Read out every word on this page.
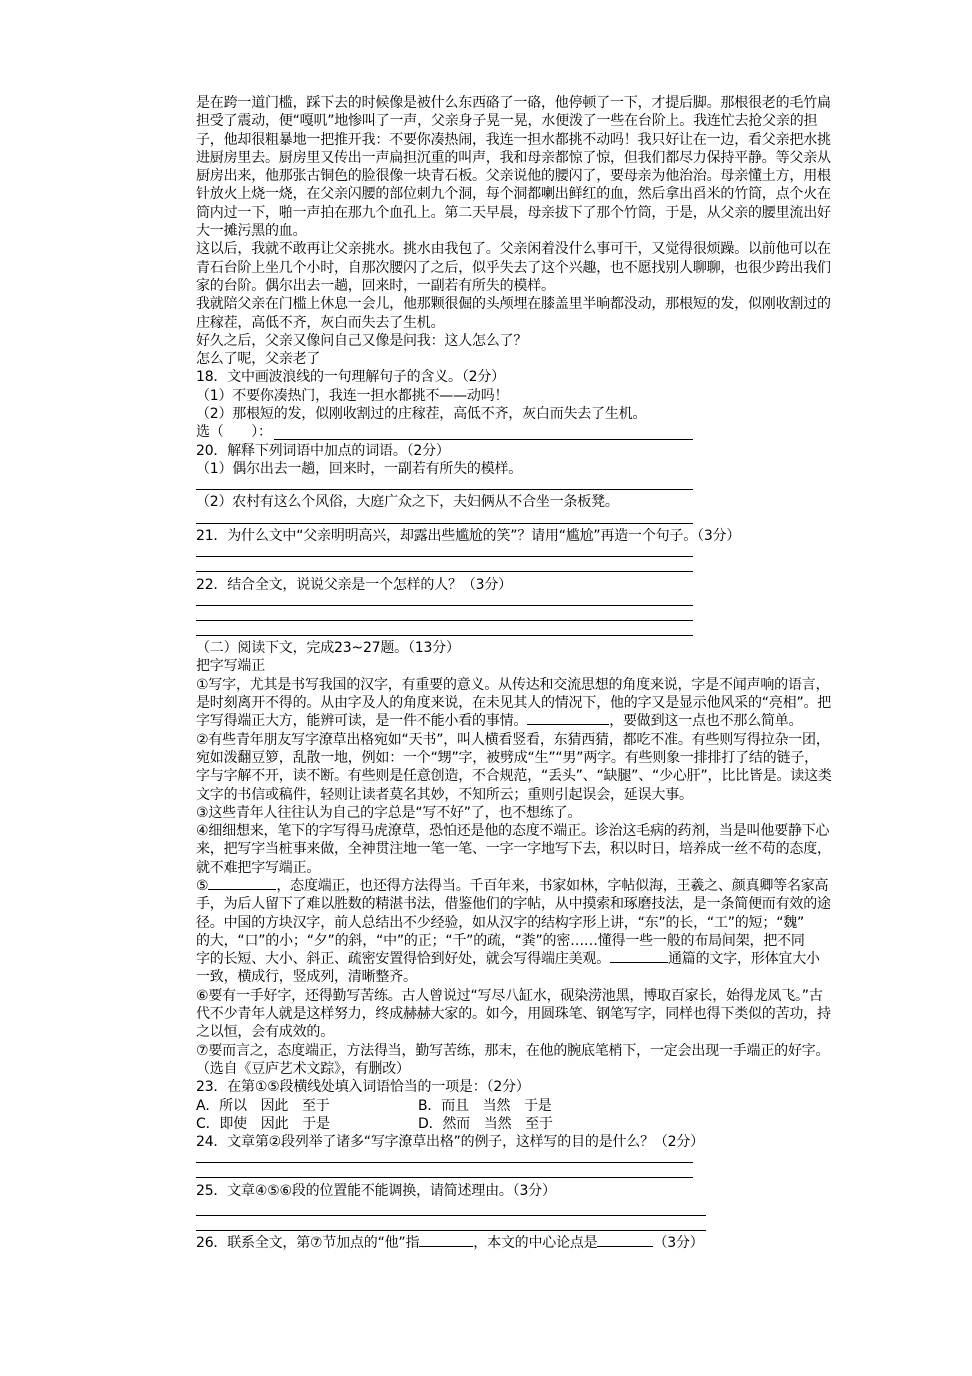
是在跨一道门槛，踩下去的时候像是被什么东西硌了一硌，他停顿了一下，才提后脚。那根很老的毛竹扁
担受了震动，便“嘎叽”地惨叫了一声，父亲身子晃一晃，水便泼了一些在台阶上。我连忙去抢父亲的担
子，他却很粗暴地一把推开我：不要你凑热闹，我连一担水都挑不动吗！我只好让在一边，看父亲把水挑
进厨房里去。厨房里又传出一声扁担沉重的叫声，我和母亲都惊了惊，但我们都尽力保持平静。等父亲从
厨房出来，他那张古铜色的脸很像一块青石板。父亲说他的腰闪了，要母亲为他治治。母亲懂土方，用根
针放火上烧一烧，在父亲闪腰的部位刺九个洞，每个洞都喇出鲜红的血，然后拿出舀米的竹筒，点个火在
筒内过一下，啪一声拍在那九个血孔上。第二天早晨，母亲拔下了那个竹筒，于是，从父亲的腰里流出好
大一摊污黑的血。
这以后，我就不敢再让父亲挑水。挑水由我包了。父亲闲着没什么事可干，又觉得很烦躁。以前他可以在
青石台阶上坐几个小时，自那次腰闪了之后，似乎失去了这个兴趣，也不愿找别人聊聊，也很少跨出我们
家的台阶。偶尔出去一趟，回来时，一副若有所失的模样。
我就陪父亲在门槛上休息一会儿，他那颗很倔的头颅埋在膝盖里半晌都没动，那根短的发，似刚收割过的
庄稼茬，高低不齐，灰白而失去了生机。
好久之后，父亲又像问自己又像是问我：这人怎么了？
怎么了呢，父亲老了
18．文中画波浪线的一句理解句子的含义。（2分）
（1）不要你凑热门，我连一担水都挑不——动吗！
（2）那根短的发，似刚收割过的庄稼茬，高低不齐，灰白而失去了生机。
选（　　）：
20．解释下列词语中加点的词语。（2分）
（1）偶尔出去一趟，回来时，一副若有所失的模样。
（2）农村有这么个风俗，大庭广众之下，夫妇俩从不合坐一条板凳。
21．为什么文中“父亲明明高兴，却露出些尴尬的笑”？请用“尴尬”再造一个句子。（3分）
22．结合全文，说说父亲是一个怎样的人？（3分）
（二）阅读下文，完成23~27题。（13分）
把字写端正
①写字，尤其是书写我国的汉字，有重要的意义。从传达和交流思想的角度来说，字是不闻声响的语言，
是时刻离开不得的。从由字及人的角度来说，在未见其人的情况下，他的字又是显示他风采的“亮相”。把
字写得端正大方，能辨可读，是一件不能小看的事情。	，要做到这一点也不那么简单。
②有些青年朋友写字潦草出格宛如“天书”，叫人横看竖看，东猜西猜，都吃不准。有些则写得拉杂一团，
宛如泼翻豆箩，乱散一地，例如：一个“甥”字，被劈成“生”“男”两字。有些则象一排排打了结的链子，
字与字解不开，读不断。有些则是任意创造，不合规范，“丢头”、“缺腿”、“少心肝”，比比皆是。读这类
文字的书信或稿件，轻则让读者莫名其妙，不知所云；重则引起误会，延误大事。
③这些青年人往往认为自己的字总是“写不好”了，也不想练了。
④细细想来，笔下的字写得马虎潦草，恐怕还是他的态度不端正。诊治这毛病的药剂，当是叫他要静下心
来，把写字当桩事来做，全神贯注地一笔一笔、一字一字地写下去，积以时日，培养成一丝不苟的态度，
就不难把字写端正。
⑤	，态度端正，也还得方法得当。千百年来，书家如林，字帖似海，王羲之、颜真卿等名家高
手，为后人留下了难以胜数的精湛书法，借鉴他们的字帖，从中摸索和琢磨技法，是一条简便而有效的途
径。中国的方块汉字，前人总结出不少经验，如从汉字的结构字形上讲，“东”的长，“工”的短；“魏”
的大，“口”的小；“夕”的斜，“中”的正；“千”的疏，“粪”的密……懂得一些一般的布局间架，把不同
字的长短、大小、斜正、疏密安置得恰到好处，就会写得端庄美观。	通篇的文字，形体宜大小
一致，横成行，竖成列，清晰整齐。
⑥要有一手好字，还得勤写苦练。古人曾说过“写尽八缸水，砚染涝池黑，博取百家长，始得龙凤飞。”古
代不少青年人就是这样努力，终成赫赫大家的。如今，用圆珠笔、钢笔写字，同样也得下类似的苦功，持
之以恒，会有成效的。
⑦要而言之，态度端正，方法得当，勤写苦练，那末，在他的腕底笔梢下，一定会出现一手端正的好字。
（选自《豆庐艺术文踪》，有删改）
23．在第①⑤段横线处填入词语恰当的一项是：（2分）
A．所以　因此　至于	B．而且　当然　于是
C．即使　因此　于是	D．然而　当然　至于
24．文章第②段列举了诸多“写字潦草出格”的例子，这样写的目的是什么？（2分）
25．文章④⑤⑥段的位置能不能调换，请简述理由。（3分）
26．联系全文，第⑦节加点的“他”指	，本文的中心论点是	（3分）
